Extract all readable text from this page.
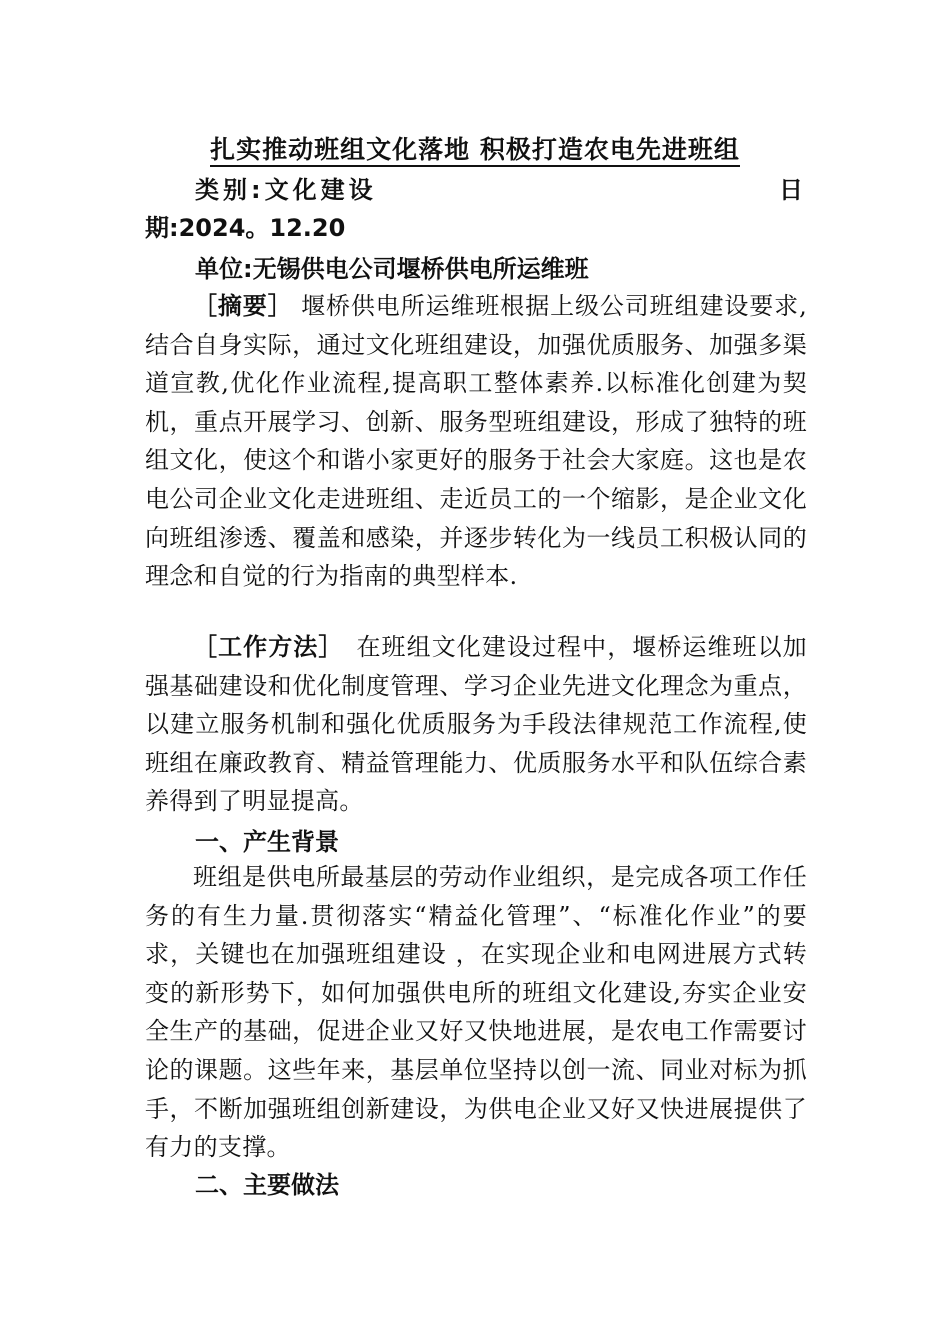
扎实推动班组文化落地 积极打造农电先进班组
类别:文化建设	日
期:2024。12.20
单位:无锡供电公司堰桥供电所运维班
［摘要］ 堰桥供电所运维班根据上级公司班组建设要求,结合自身实际，通过文化班组建设，加强优质服务、加强多渠道宣教,优化作业流程,提高职工整体素养.以标准化创建为契机，重点开展学习、创新、服务型班组建设，形成了独特的班组文化，使这个和谐小家更好的服务于社会大家庭。这也是农电公司企业文化走进班组、走近员工的一个缩影，是企业文化向班组渗透、覆盖和感染，并逐步转化为一线员工积极认同的理念和自觉的行为指南的典型样本.
［工作方法］　在班组文化建设过程中，堰桥运维班以加强基础建设和优化制度管理、学习企业先进文化理念为重点，以建立服务机制和强化优质服务为手段法律规范工作流程,使班组在廉政教育、精益管理能力、优质服务水平和队伍综合素养得到了明显提高。
一、产生背景
班组是供电所最基层的劳动作业组织，是完成各项工作任务的有生力量.贯彻落实“精益化管理”、“标准化作业”的要求，关键也在加强班组建设 ，在实现企业和电网进展方式转变的新形势下，如何加强供电所的班组文化建设,夯实企业安全生产的基础，促进企业又好又快地进展，是农电工作需要讨论的课题。这些年来，基层单位坚持以创一流、同业对标为抓手，不断加强班组创新建设，为供电企业又好又快进展提供了有力的支撑。
二、主要做法
